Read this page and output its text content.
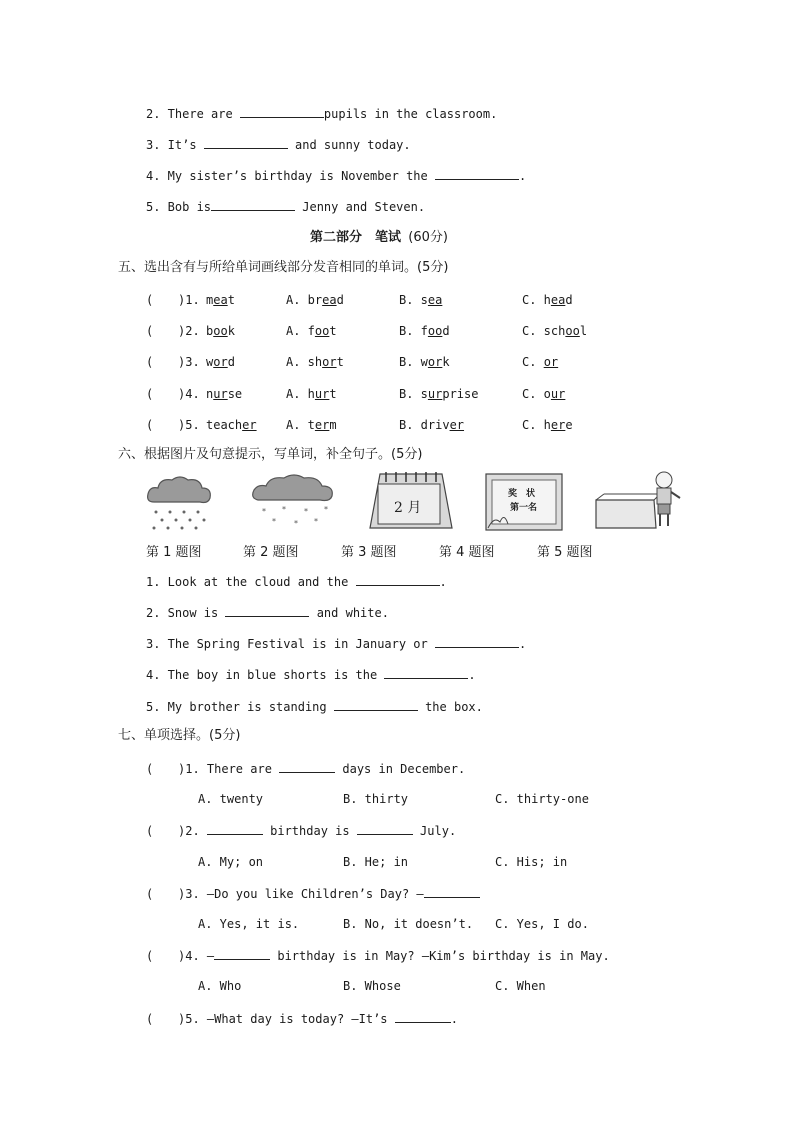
2. There are	pupils in the classroom.
3. It’s	and sunny today.
4. My sister’s birthday is November the	.
5. Bob is	Jenny and Steven.
第二部分　笔试 (60分)
五、选出含有与所给单词画线部分发音相同的单词。(5分)
( )1. meat	A. bread	B. sea	C. head
( )2. book	A. foot	B. food	C. school
( )3. word	A. short	B. work	C. or
( )4. nurse	A. hurt	B. surprise	C. our
( )5. teacher A. term	B. driver	C. here
六、根据图片及句意提示，写单词，补全句子。(5分)
* * * *
* * *
2 月
奖　状
第一名
第 1 题图	第 2 题图	第 3 题图	第 4 题图	第 5 题图
1. Look at the cloud and the	.
2. Snow is	and white.
3. The Spring Festival is in January or	.
4. The boy in blue shorts is the	.
5. My brother is standing	the box.
七、单项选择。(5分)
( )1. There are	days in December.
A. twenty	B. thirty	C. thirty-one
( )2.	birthday is	July.
A. My; on	B. He; in	C. His; in
( )3. —Do you like Children’s Day? —
A. Yes, it is.	B. No, it doesn’t. C. Yes, I do.
( )4. —	birthday is in May? —Kim’s birthday is in May.
A. Who	B. Whose	C. When
( )5. —What day is today? —It’s	.
